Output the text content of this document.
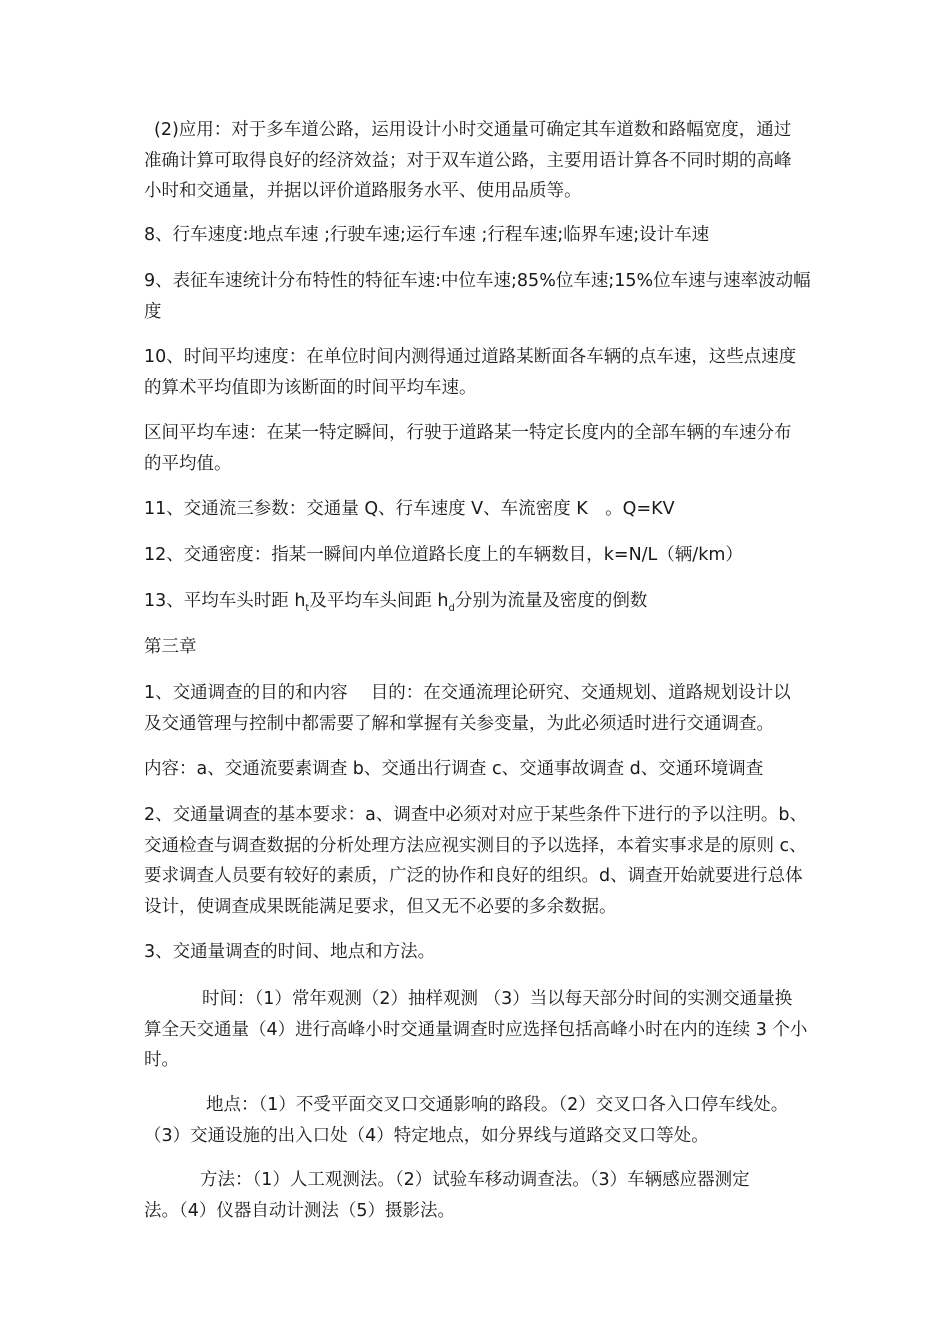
(2)应用：对于多车道公路，运用设计小时交通量可确定其车道数和路幅宽度，通过
准确计算可取得良好的经济效益；对于双车道公路，主要用语计算各不同时期的高峰
小时和交通量，并据以评价道路服务水平、使用品质等。
8、行车速度:地点车速 ;行驶车速;运行车速 ;行程车速;临界车速;设计车速
9、表征车速统计分布特性的特征车速:中位车速;85%位车速;15%位车速与速率波动幅
度
10、时间平均速度：在单位时间内测得通过道路某断面各车辆的点车速，这些点速度
的算术平均值即为该断面的时间平均车速。
区间平均车速：在某一特定瞬间，行驶于道路某一特定长度内的全部车辆的车速分布
的平均值。
11、交通流三参数：交通量 Q、行车速度 V、车流密度 K　。Q=KV
12、交通密度：指某一瞬间内单位道路长度上的车辆数目，k=N/L（辆/km）
13、平均车头时距 $h_t$及平均车头间距 $h_d$分别为流量及密度的倒数
第三章
1、交通调查的目的和内容　 目的：在交通流理论研究、交通规划、道路规划设计以
及交通管理与控制中都需要了解和掌握有关参变量，为此必须适时进行交通调查。
内容：a、交通流要素调查 b、交通出行调查 c、交通事故调查 d、交通环境调查
2、交通量调查的基本要求：a、调查中必须对对应于某些条件下进行的予以注明。b、
交通检查与调查数据的分析处理方法应视实测目的予以选择，本着实事求是的原则 c、
要求调查人员要有较好的素质，广泛的协作和良好的组织。d、调查开始就要进行总体
设计，使调查成果既能满足要求，但又无不必要的多余数据。
3、交通量调查的时间、地点和方法。
时间：（1）常年观测（2）抽样观测 （3）当以每天部分时间的实测交通量换
算全天交通量（4）进行高峰小时交通量调查时应选择包括高峰小时在内的连续 3 个小
时。
地点：（1）不受平面交叉口交通影响的路段。（2）交叉口各入口停车线处。
（3）交通设施的出入口处（4）特定地点，如分界线与道路交叉口等处。
方法：（1）人工观测法。（2）试验车移动调查法。（3）车辆感应器测定
法。（4）仪器自动计测法（5）摄影法。
